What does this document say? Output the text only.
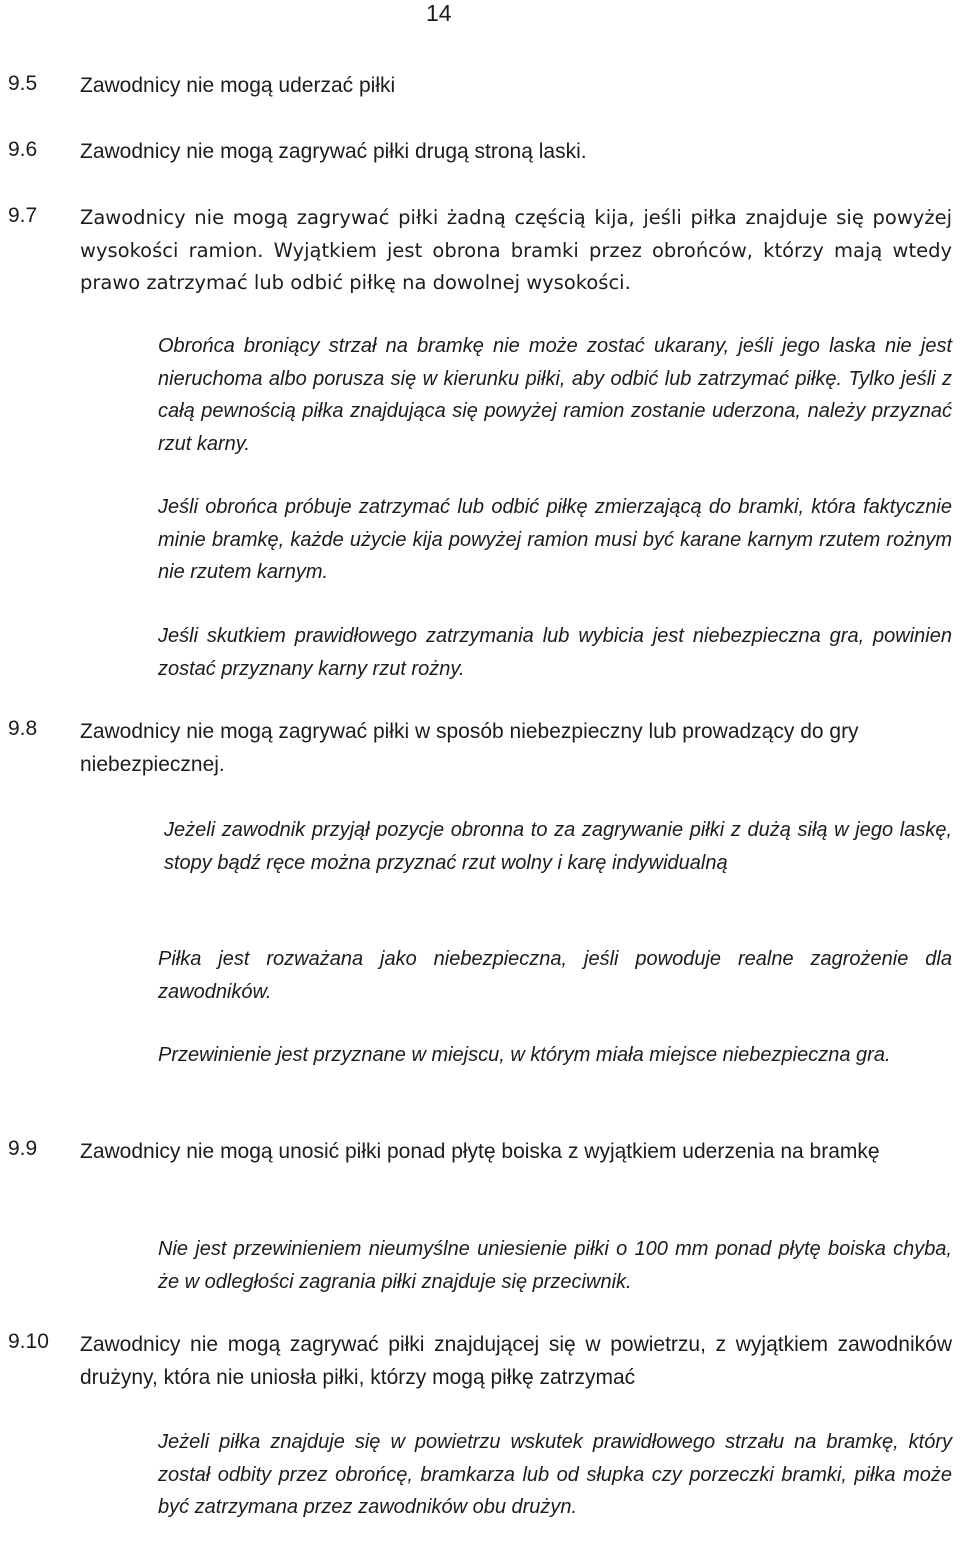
14
9.5 Zawodnicy nie mogą uderzać piłki
9.6 Zawodnicy nie mogą zagrywać piłki drugą stroną laski.
9.7 Zawodnicy nie mogą zagrywać piłki żadną częścią kija, jeśli piłka znajduje się powyżej wysokości ramion. Wyjątkiem jest obrona bramki przez obrońców, którzy mają wtedy prawo zatrzymać lub odbić piłkę na dowolnej wysokości.
Obrońca broniący strzał na bramkę nie może zostać ukarany, jeśli jego laska nie jest nieruchoma albo porusza się w kierunku piłki, aby odbić lub zatrzymać piłkę. Tylko jeśli z całą pewnością piłka znajdująca się powyżej ramion zostanie uderzona, należy przyznać rzut karny.
Jeśli obrońca próbuje zatrzymać lub odbić piłkę zmierzającą do bramki, która faktycznie minie bramkę, każde użycie kija powyżej ramion musi być karane karnym rzutem rożnym nie rzutem karnym.
Jeśli skutkiem prawidłowego zatrzymania lub wybicia jest niebezpieczna gra, powinien zostać przyznany karny rzut rożny.
9.8 Zawodnicy nie mogą zagrywać piłki w sposób niebezpieczny lub prowadzący do gry niebezpiecznej.
Jeżeli zawodnik przyjął pozycje obronna to za zagrywanie piłki z dużą siłą w jego laskę, stopy bądź ręce można przyznać rzut wolny i karę indywidualną
Piłka jest rozważana jako niebezpieczna, jeśli powoduje realne zagrożenie dla zawodników.
Przewinienie jest przyznane w miejscu, w którym miała miejsce niebezpieczna gra.
9.9 Zawodnicy nie mogą unosić piłki ponad płytę boiska z wyjątkiem uderzenia na bramkę
Nie jest przewinieniem nieumyślne uniesienie piłki o 100 mm ponad płytę boiska chyba, że w odległości zagrania piłki znajduje się przeciwnik.
9.10 Zawodnicy nie mogą zagrywać piłki znajdującej się w powietrzu, z wyjątkiem zawodników drużyny, która nie uniosła piłki, którzy mogą piłkę zatrzymać
Jeżeli piłka znajduje się w powietrzu wskutek prawidłowego strzału na bramkę, który został odbity przez obrońcę, bramkarza lub od słupka czy porzeczki bramki, piłka może być zatrzymana przez zawodników obu drużyn.
